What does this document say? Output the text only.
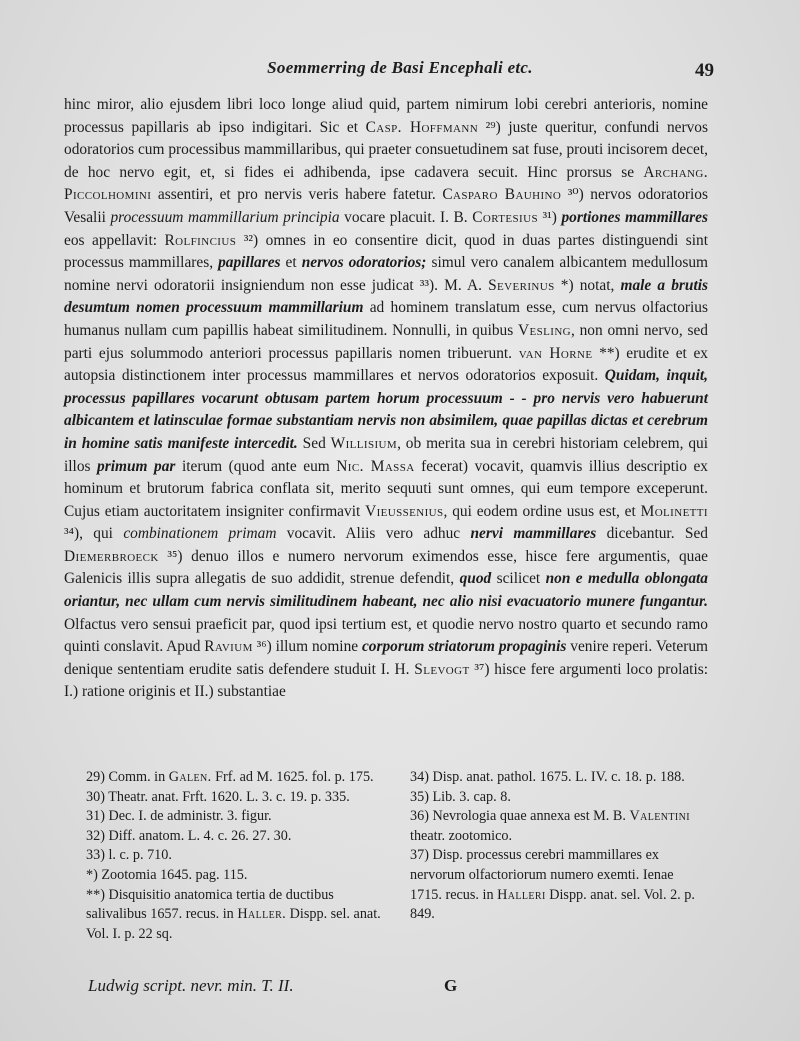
Soemmerring de Basi Encephali etc.	49

hinc miror, alio ejusdem libri loco longe aliud quid, partem nimirum lobi cerebri anterioris, nomine processus papillaris ab ipso indigitari. Sic et Casp. Hoffmann ²⁹) juste queritur, confundi nervos odoratorios cum processibus mammillaribus, qui praeter consuetudinem sat fuse, prouti incisorem decet, de hoc nervo egit, et, si fides ei adhibenda, ipse cadavera secuit. Hinc prorsus se Archang. Piccolhomini assentiri, et pro nervis veris habere fatetur. Casparo Bauhino ³⁰) nervos odoratorios Vesalii processuum mammillarium principia vocare placuit. I. B. Cortesius ³¹) portiones mammillares eos appellavit: Rolfincius ³²) omnes in eo consentire dicit, quod in duas partes distinguendi sint processus mammillares, papillares et nervos odoratorios; simul vero canalem albicantem medullosum nomine nervi odoratorii insigniendum non esse judicat ³³). M. A. Severinus *) notat, male a brutis desumtum nomen processuum mammillarium ad hominem translatum esse, cum nervus olfactorius humanus nullam cum papillis habeat similitudinem. Nonnulli, in quibus Vesling, non omni nervo, sed parti ejus solummodo anteriori processus papillaris nomen tribuerunt. van Horne **) erudite et ex autopsia distinctionem inter processus mammillares et nervos odoratorios exposuit. Quidam, inquit, processus papillares vocarunt obtusam partem horum processuum - - pro nervis vero habuerunt albicantem et latinsculae formae substantiam nervis non absimilem, quae papillas dictas et cerebrum in homine satis manifeste intercedit. Sed Willisium, ob merita sua in cerebri historiam celebrem, qui illos primum par iterum (quod ante eum Nic. Massa fecerat) vocavit, quamvis illius descriptio ex hominum et brutorum fabrica conflata sit, merito sequuti sunt omnes, qui eum tempore exceperunt. Cujus etiam auctoritatem insigniter confirmavit Vieussenius, qui eodem ordine usus est, et Molinetti ³⁴), qui combinationem primam vocavit. Aliis vero adhuc nervi mammillares dicebantur. Sed Diemerbroeck ³⁵) denuo illos e numero nervorum eximendos esse, hisce fere argumentis, quae Galenicis illis supra allegatis de suo addidit, strenue defendit, quod scilicet non e medulla oblongata oriantur, nec ullam cum nervis similitudinem habeant, nec alio nisi evacuatorio munere fungantur. Olfactus vero sensui praeficit par, quod ipsi tertium est, et quodie nervo nostro quarto et secundo ramo quinti conslavit. Apud Ravium ³⁶) illum nomine corporum striatorum propaginis venire reperi. Veterum denique sententiam erudite satis defendere studuit I. H. Slevogt ³⁷) hisce fere argumenti loco prolatis: I.) ratione originis et II.) substantiae

29) Comm. in Galen. Frf. ad M. 1625. fol. p. 175.

30) Theatr. anat. Frft. 1620. L. 3. c. 19. p. 335.

31) Dec. I. de administr. 3. figur.

32) Diff. anatom. L. 4. c. 26. 27. 30.

33) l. c. p. 710.

*) Zootomia 1645. pag. 115.

**) Disquisitio anatomica tertia de ductibus salivalibus 1657. recus. in Haller. Dispp. sel. anat. Vol. I. p. 22 sq.

34) Disp. anat. pathol. 1675. L. IV. c. 18. p. 188.

35) Lib. 3. cap. 8.

36) Nevrologia quae annexa est M. B. Valentini theatr. zootomico.

37) Disp. processus cerebri mammillares ex nervorum olfactoriorum numero exemti. Ienae 1715. recus. in Halleri Dispp. anat. sel. Vol. 2. p. 849.

Ludwig script. nevr. min. T. II.	G
